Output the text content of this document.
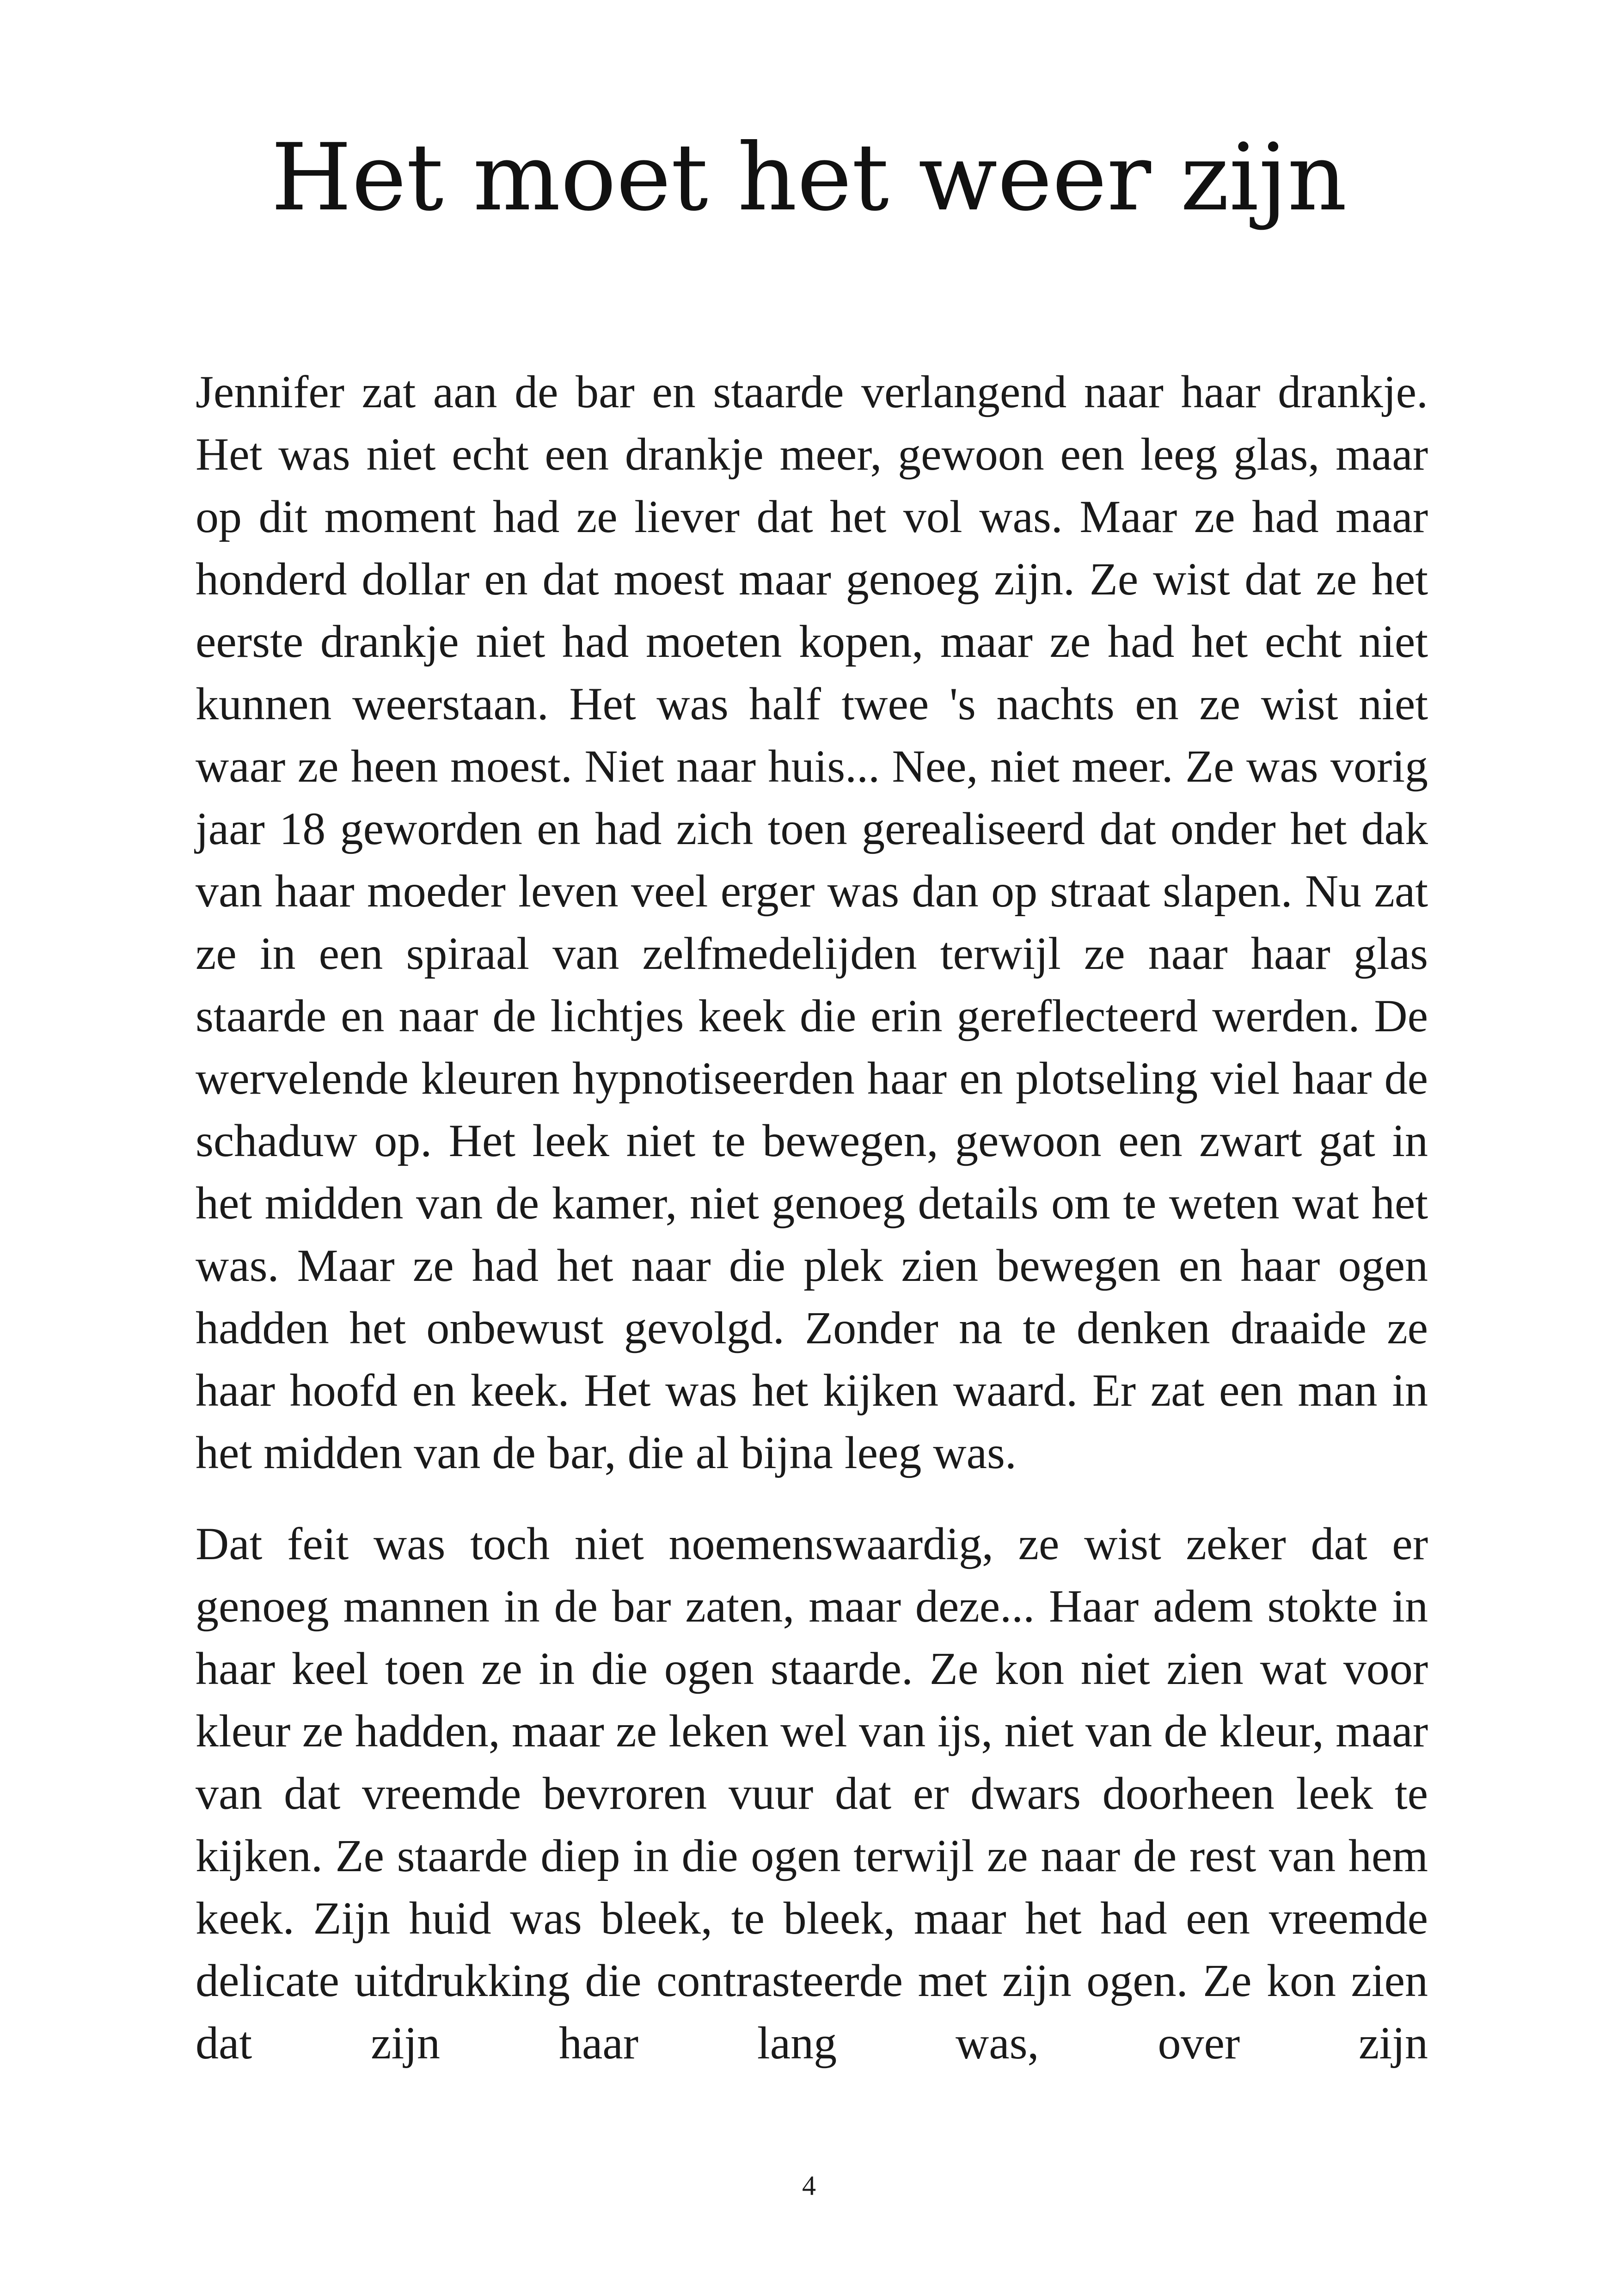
Het moet het weer zijn

Jennifer zat aan de bar en staarde verlangend naar haar drankje. Het was niet echt een drankje meer, gewoon een leeg glas, maar op dit moment had ze liever dat het vol was. Maar ze had maar honderd dollar en dat moest maar genoeg zijn. Ze wist dat ze het eerste drankje niet had moeten kopen, maar ze had het echt niet kunnen weerstaan. Het was half twee 's nachts en ze wist niet waar ze heen moest. Niet naar huis... Nee, niet meer. Ze was vorig jaar 18 geworden en had zich toen gerealiseerd dat onder het dak van haar moeder leven veel erger was dan op straat slapen. Nu zat ze in een spiraal van zelfmedelijden terwijl ze naar haar glas staarde en naar de lichtjes keek die erin gereflecteerd werden. De wervelende kleuren hypnotiseerden haar en plotseling viel haar de schaduw op. Het leek niet te bewegen, gewoon een zwart gat in het midden van de kamer, niet genoeg details om te weten wat het was. Maar ze had het naar die plek zien bewegen en haar ogen hadden het onbewust gevolgd. Zonder na te denken draaide ze haar hoofd en keek. Het was het kijken waard. Er zat een man in het midden van de bar, die al bijna leeg was.

Dat feit was toch niet noemenswaardig, ze wist zeker dat er genoeg mannen in de bar zaten, maar deze... Haar adem stokte in haar keel toen ze in die ogen staarde. Ze kon niet zien wat voor kleur ze hadden, maar ze leken wel van ijs, niet van de kleur, maar van dat vreemde bevroren vuur dat er dwars doorheen leek te kijken. Ze staarde diep in die ogen terwijl ze naar de rest van hem keek. Zijn huid was bleek, te bleek, maar het had een vreemde delicate uitdrukking die contrasteerde met zijn ogen. Ze kon zien dat zijn haar lang was, over zijn

4
